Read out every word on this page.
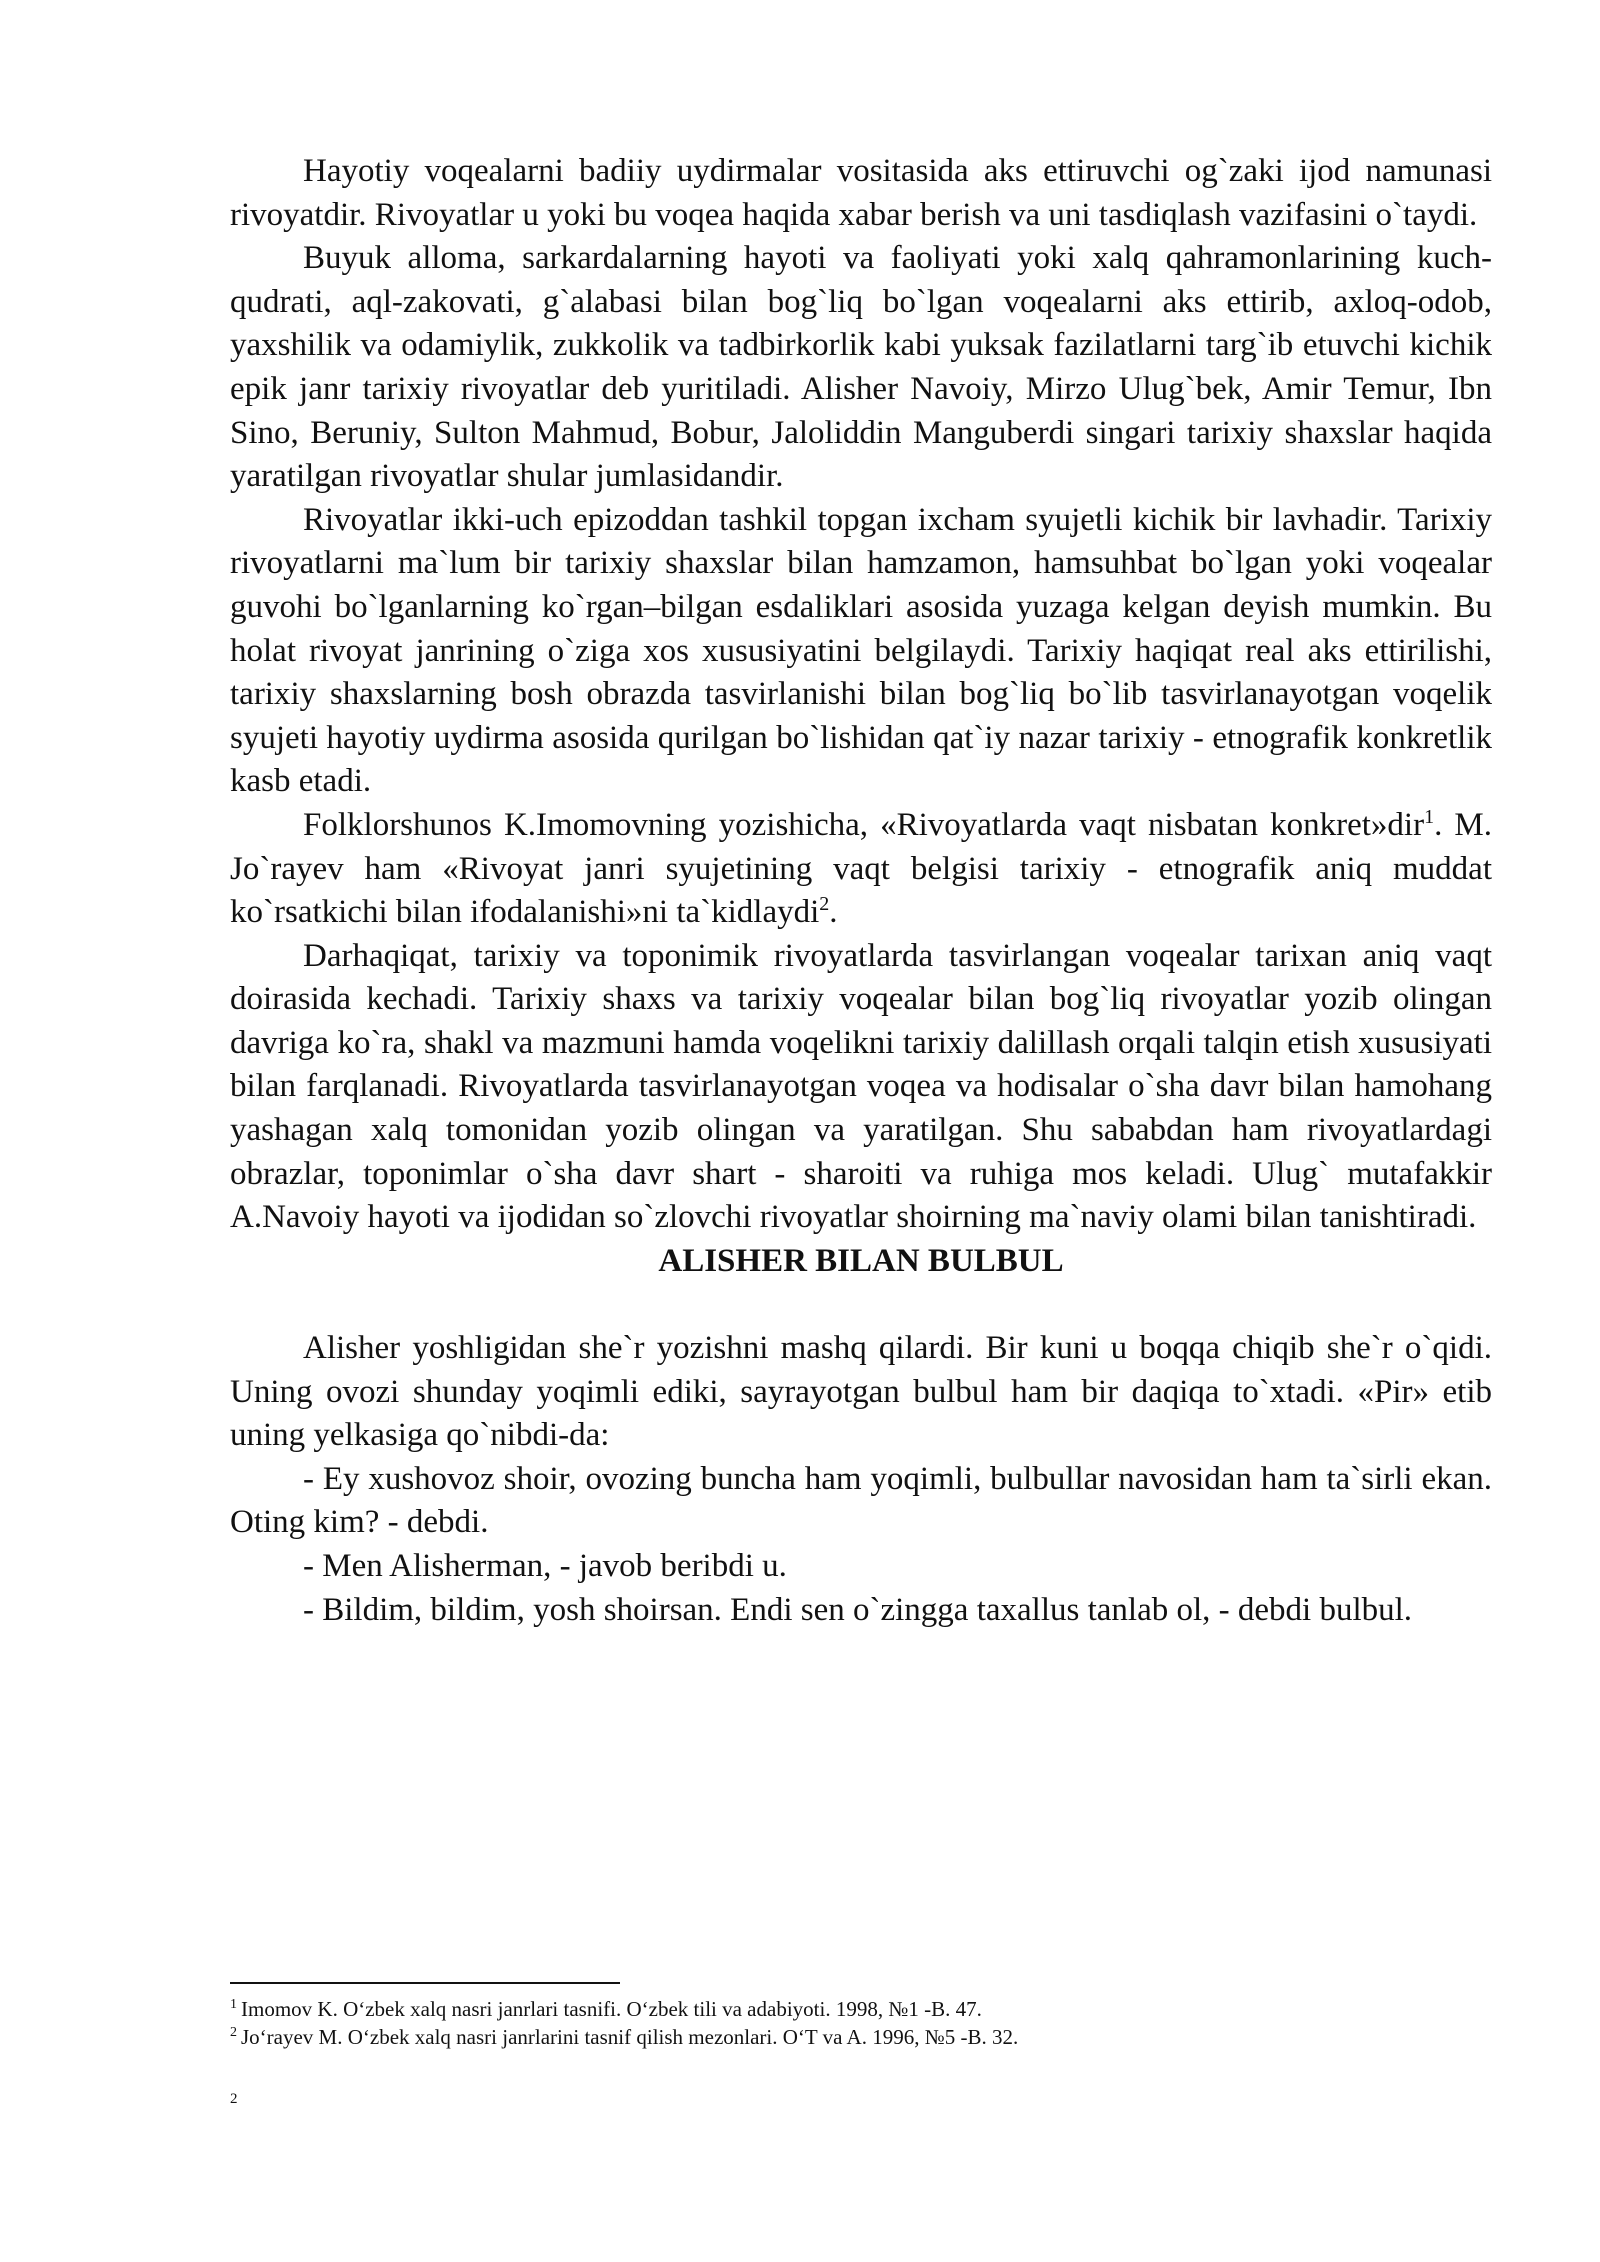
Hayotiy voqealarni badiiy uydirmalar vositasida aks ettiruvchi og`zaki ijod namunasi rivoyatdir. Rivoyatlar u yoki bu voqea haqida xabar berish va uni tasdiqlash vazifasini o`taydi.

Buyuk alloma, sarkardalarning hayoti va faoliyati yoki xalq qahramonlarining kuch-qudrati, aql-zakovati, g`alabasi bilan bog`liq bo`lgan voqealarni aks ettirib, axloq-odob, yaxshilik va odamiylik, zukkolik va tadbirkorlik kabi yuksak fazilatlarni targ`ib etuvchi kichik epik janr tarixiy rivoyatlar deb yuritiladi. Alisher Navoiy, Mirzo Ulug`bek, Amir Temur, Ibn Sino, Beruniy, Sulton Mahmud, Bobur, Jaloliddin Manguberdi singari tarixiy shaxslar haqida yaratilgan rivoyatlar shular jumlasidandir.

Rivoyatlar ikki-uch epizoddan tashkil topgan ixcham syujetli kichik bir lavhadir. Tarixiy rivoyatlarni ma`lum bir tarixiy shaxslar bilan hamzamon, hamsuhbat bo`lgan yoki voqealar guvohi bo`lganlarning ko`rgan–bilgan esdaliklari asosida yuzaga kelgan deyish mumkin. Bu holat rivoyat janrining o`ziga xos xususiyatini belgilaydi. Tarixiy haqiqat real aks ettirilishi, tarixiy shaxslarning bosh obrazda tasvirlanishi bilan bog`liq bo`lib tasvirlanayotgan voqelik syujeti hayotiy uydirma asosida qurilgan bo`lishidan qat`iy nazar tarixiy - etnografik konkretlik kasb etadi.

Folklorshunos K.Imomovning yozishicha, «Rivoyatlarda vaqt nisbatan konkret»dir$^1$. M. Jo`rayev ham «Rivoyat janri syujetining vaqt belgisi tarixiy - etnografik aniq muddat ko`rsatkichi bilan ifodalanishi»ni ta`kidlaydi$^2$.

Darhaqiqat, tarixiy va toponimik rivoyatlarda tasvirlangan voqealar tarixan aniq vaqt doirasida kechadi. Tarixiy shaxs va tarixiy voqealar bilan bog`liq rivoyatlar yozib olingan davriga ko`ra, shakl va mazmuni hamda voqelikni tarixiy dalillash orqali talqin etish xususiyati bilan farqlanadi. Rivoyatlarda tasvirlanayotgan voqea va hodisalar o`sha davr bilan hamohang yashagan xalq tomonidan yozib olingan va yaratilgan. Shu sababdan ham rivoyatlardagi obrazlar, toponimlar o`sha davr shart - sharoiti va ruhiga mos keladi. Ulug` mutafakkir A.Navoiy hayoti va ijodidan so`zlovchi rivoyatlar shoirning ma`naviy olami bilan tanishtiradi.

ALISHER BILAN BULBUL

Alisher yoshligidan she`r yozishni mashq qilardi. Bir kuni u boqqa chiqib she`r o`qidi. Uning ovozi shunday yoqimli ediki, sayrayotgan bulbul ham bir daqiqa to`xtadi. «Pir» etib uning yelkasiga qo`nibdi-da:

- Ey xushovoz shoir, ovozing buncha ham yoqimli, bulbullar navosidan ham ta`sirli ekan. Oting kim? - debdi.

- Men Alisherman, - javob beribdi u.

- Bildim, bildim, yosh shoirsan. Endi sen o`zingga taxallus tanlab ol, - debdi bulbul.

$^1$ Imomov K. O‘zbek xalq nasri janrlari tasnifi. O‘zbek tili va adabiyoti. 1998, №1 -B. 47.
$^2$ Jo‘rayev M. O‘zbek xalq nasri janrlarini tasnif qilish mezonlari. O‘T va A. 1996, №5 -B. 32.
2
